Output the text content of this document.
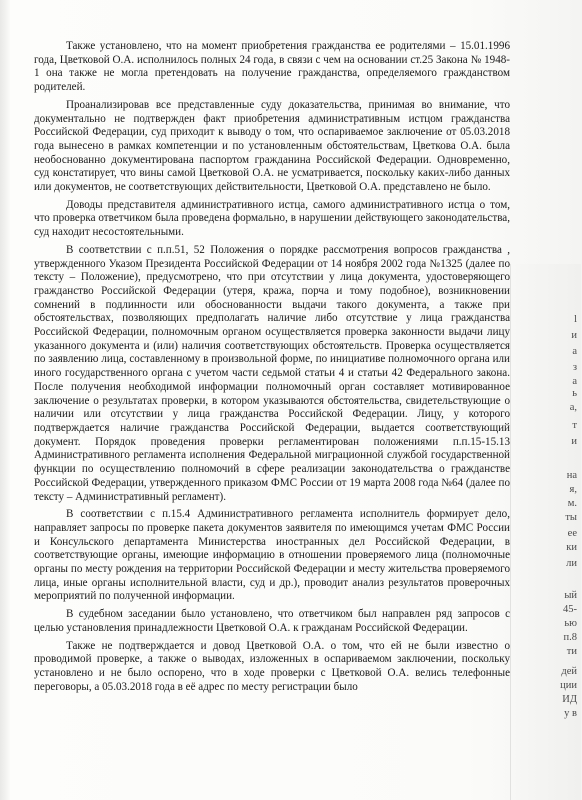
Также установлено, что на момент приобретения гражданства ее родителями – 15.01.1996 года, Цветковой О.А. исполнилось полных 24 года, в связи с чем на основании ст.25 Закона № 1948-1 она также не могла претендовать на получение гражданства, определяемого гражданством родителей.

Проанализировав все представленные суду доказательства, принимая во внимание, что документально не подтвержден факт приобретения административным истцом гражданства Российской Федерации, суд приходит к выводу о том, что оспариваемое заключение от 05.03.2018 года вынесено в рамках компетенции и по установленным обстоятельствам, Цветкова О.А. была необоснованно документирована паспортом гражданина Российской Федерации. Одновременно, суд констатирует, что вины самой Цветковой О.А. не усматривается, поскольку каких-либо данных или документов, не соответствующих действительности, Цветковой О.А. представлено не было.

Доводы представителя административного истца, самого административного истца о том, что проверка ответчиком была проведена формально, в нарушении действующего законодательства, суд находит несостоятельными.

В соответствии с п.п.51, 52 Положения о порядке рассмотрения вопросов гражданства , утвержденного Указом Президента Российской Федерации от 14 ноября 2002 года №1325 (далее по тексту – Положение), предусмотрено, что при отсутствии у лица документа, удостоверяющего гражданство Российской Федерации (утеря, кража, порча и тому подобное), возникновении сомнений в подлинности или обоснованности выдачи такого документа, а также при обстоятельствах, позволяющих предполагать наличие либо отсутствие у лица гражданства Российской Федерации, полномочным органом осуществляется проверка законности выдачи лицу указанного документа и (или) наличия соответствующих обстоятельств. Проверка осуществляется по заявлению лица, составленному в произвольной форме, по инициативе полномочного органа или иного государственного органа с учетом части седьмой статьи 4 и статьи 42 Федерального закона. После получения необходимой информации полномочный орган составляет мотивированное заключение о результатах проверки, в котором указываются обстоятельства, свидетельствующие о наличии или отсутствии у лица гражданства Российской Федерации. Лицу, у которого подтверждается наличие гражданства Российской Федерации, выдается соответствующий документ. Порядок проведения проверки регламентирован положениями п.п.15-15.13 Административного регламента исполнения Федеральной миграционной службой государственной функции по осуществлению полномочий в сфере реализации законодательства о гражданстве Российской Федерации, утвержденного приказом ФМС России от 19 марта 2008 года №64 (далее по тексту – Административный регламент).

В соответствии с п.15.4 Административного регламента исполнитель формирует дело, направляет запросы по проверке пакета документов заявителя по имеющимся учетам ФМС России и Консульского департамента Министерства иностранных дел Российской Федерации, в соответствующие органы, имеющие информацию в отношении проверяемого лица (полномочные органы по месту рождения на территории Российской Федерации и месту жительства проверяемого лица, иные органы исполнительной власти, суд и др.), проводит анализ результатов проверочных мероприятий по полученной информации.

В судебном заседании было установлено, что ответчиком был направлен ряд запросов с целью установления принадлежности Цветковой О.А. к гражданам Российской Федерации.

Также не подтверждается и довод Цветковой О.А. о том, что ей не были известно о проводимой проверке, а также о выводах, изложенных в оспариваемом заключении, поскольку установлено и не было оспорено, что в ходе проверки с Цветковой О.А. велись телефонные переговоры, а 05.03.2018 года в её адрес по месту регистрации было

l
и
а
з
а
ь
а,
т
и
на
я,
м.
ты
ее
ки
ли
ый
45-
ью
п.8
ти
дей
ции
ИД
у в
